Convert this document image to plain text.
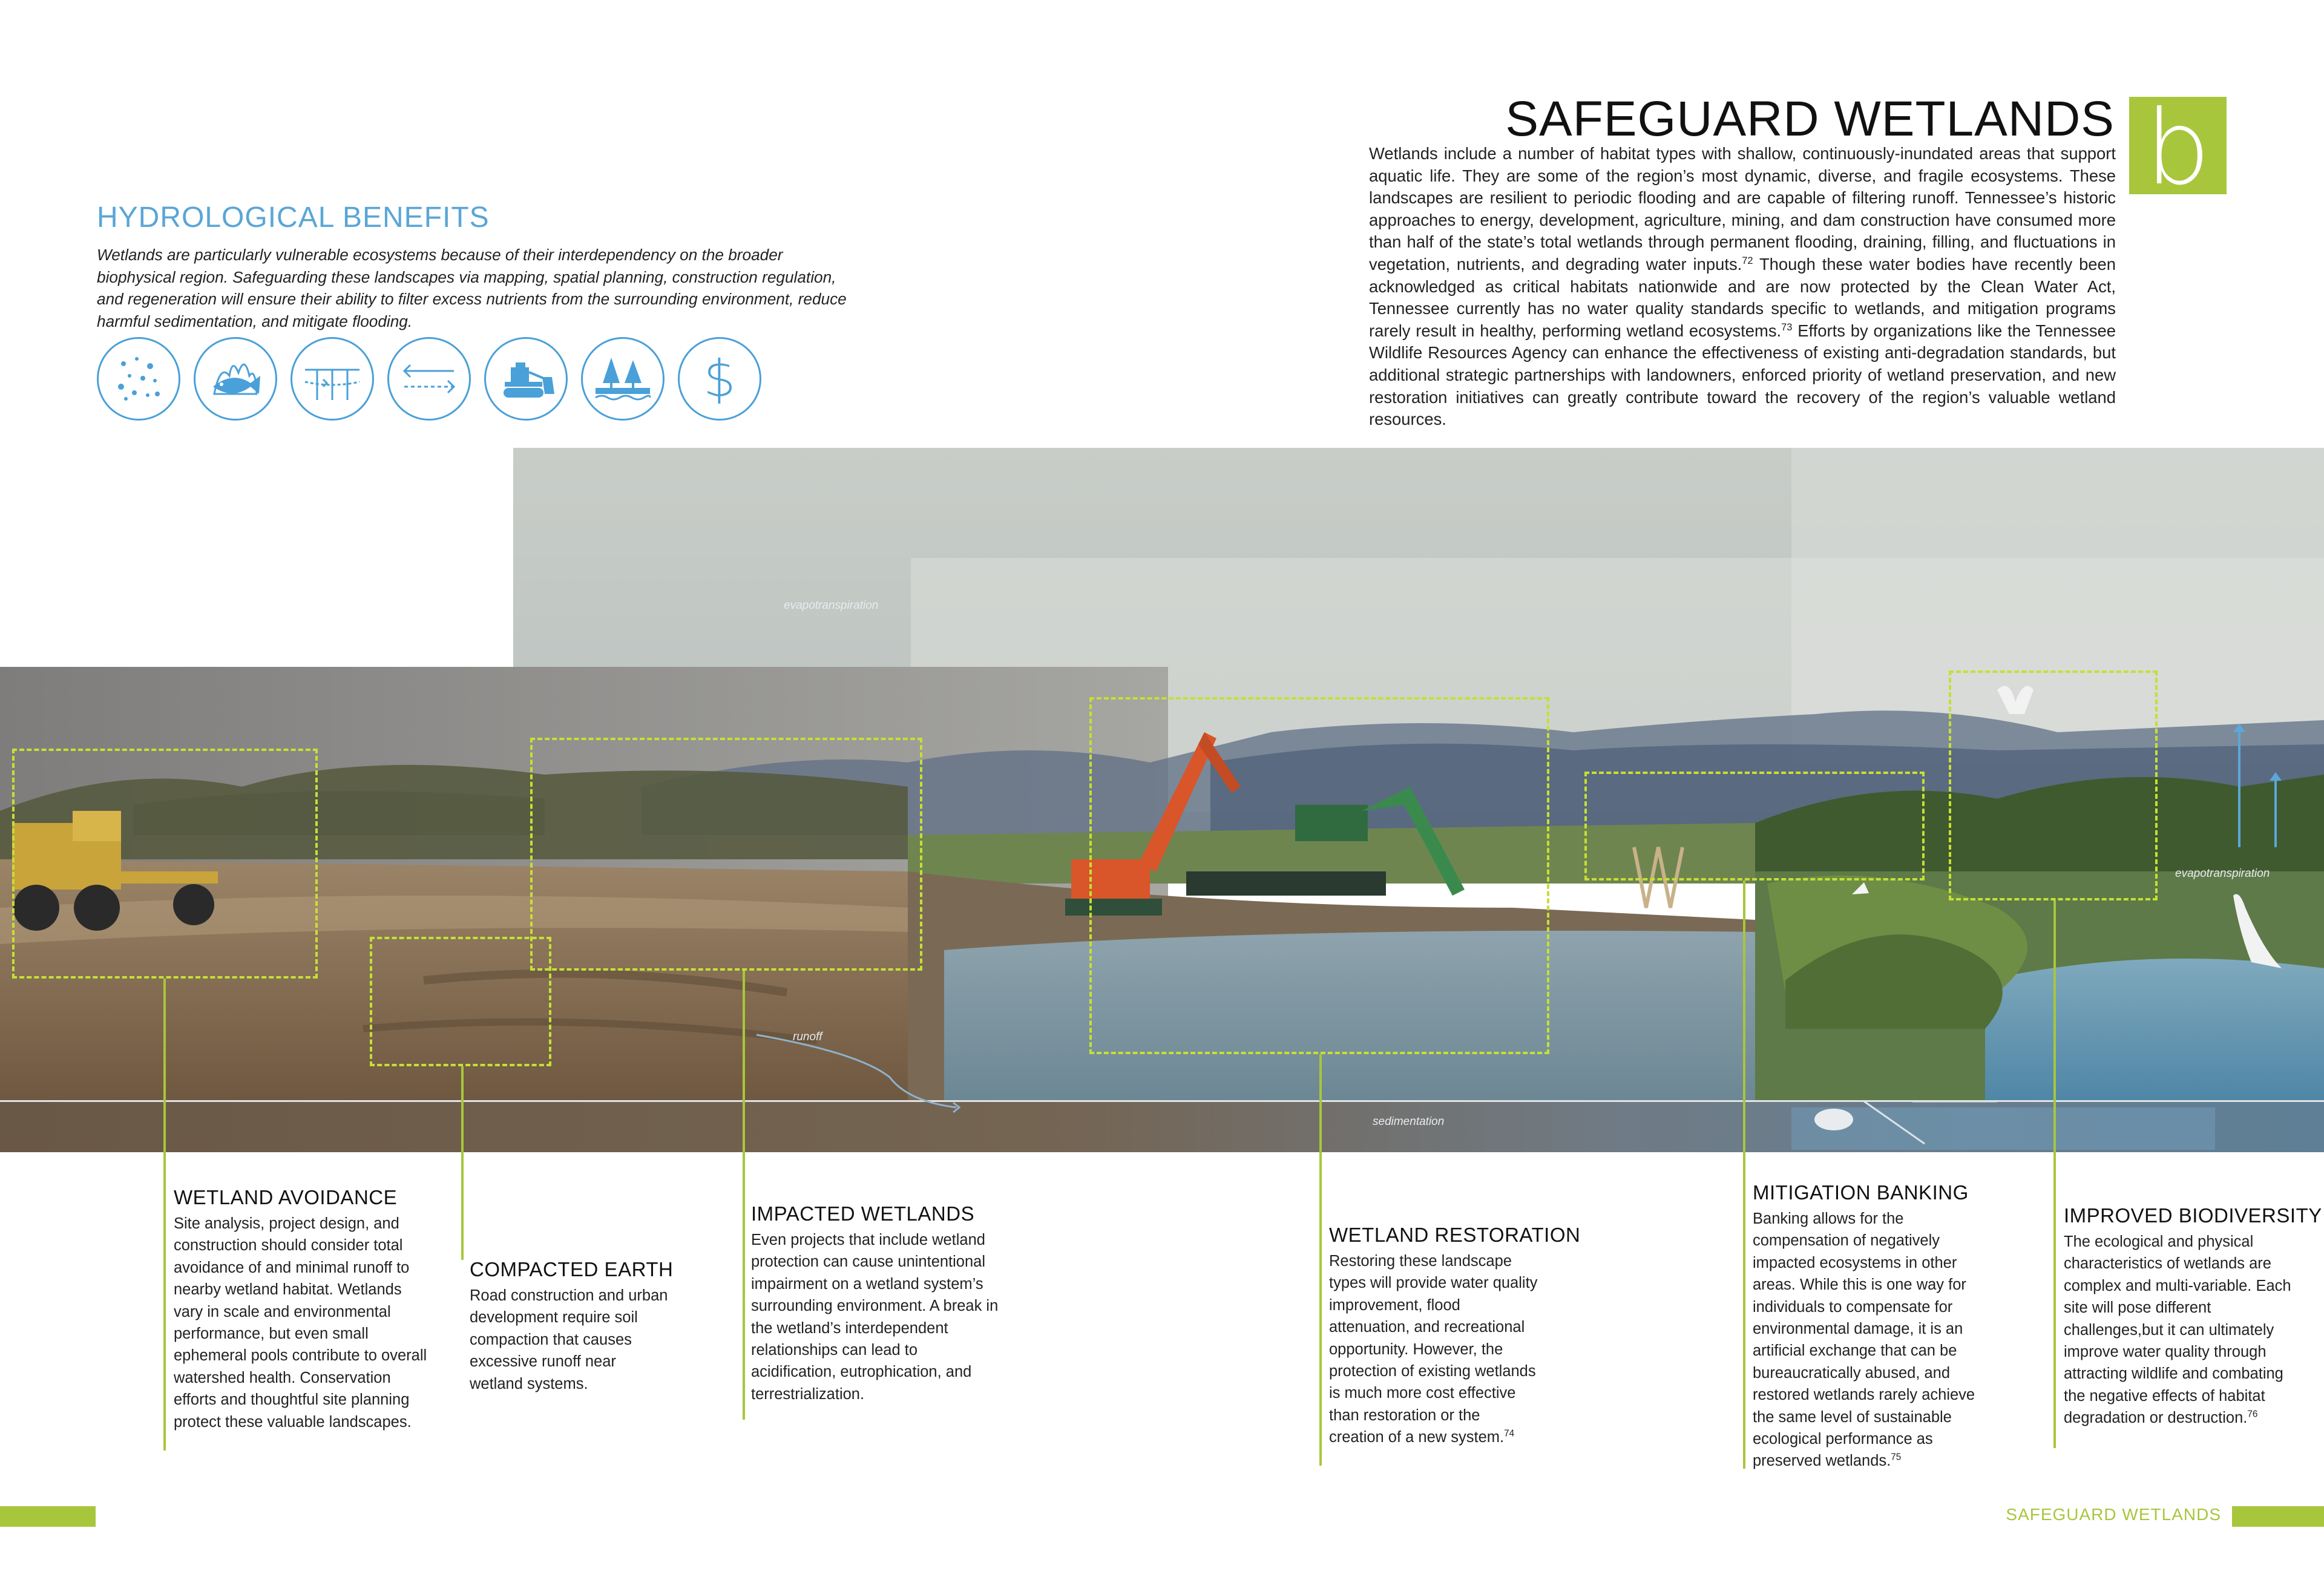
SAFEGUARD WETLANDS b
Wetlands include a number of habitat types with shallow, continuously-inundated areas that support aquatic life. They are some of the region’s most dynamic, diverse, and fragile ecosystems. These landscapes are resilient to periodic flooding and are capable of filtering runoff. Tennessee’s historic approaches to energy, development, agriculture, mining, and dam construction have consumed more than half of the state’s total wetlands through permanent flooding, draining, filling, and fluctuations in vegetation, nutrients, and degrading water inputs.$^{72}$ Though these water bodies have recently been acknowledged as critical habitats nationwide and are now protected by the Clean Water Act, Tennessee currently has no water quality standards specific to wetlands, and mitigation programs rarely result in healthy, performing wetland ecosystems.$^{73}$ Efforts by organizations like the Tennessee Wildlife Resources Agency can enhance the effectiveness of existing anti-degradation standards, but additional strategic partnerships with landowners, enforced priority of wetland preservation, and new restoration initiatives can greatly contribute toward the recovery of the region’s valuable wetland resources.
HYDROLOGICAL BENEFITS
Wetlands are particularly vulnerable ecosystems because of their interdependency on the broader biophysical region. Safeguarding these landscapes via mapping, spatial planning, construction regulation, and regeneration will ensure their ability to filter excess nutrients from the surrounding environment, reduce harmful sedimentation, and mitigate flooding.
$
evapotranspiration
evapotranspiration
runoff
sedimentation
WETLAND AVOIDANCE
Site analysis, project design, and construction should consider total avoidance of and minimal runoff to nearby wetland habitat. Wetlands vary in scale and environmental performance, but even small ephemeral pools contribute to overall watershed health. Conservation efforts and thoughtful site planning protect these valuable landscapes.
COMPACTED EARTH
Road construction and urban development require soil compaction that causes excessive runoff near wetland systems.
IMPACTED WETLANDS
Even projects that include wetland protection can cause unintentional impairment on a wetland system’s surrounding environment. A break in the wetland’s interdependent relationships can lead to acidification, eutrophication, and terrestrialization.
WETLAND RESTORATION
Restoring these landscape types will provide water quality improvement, flood attenuation, and recreational opportunity. However, the protection of existing wetlands is much more cost effective than restoration or the creation of a new system.$^{74}$
MITIGATION BANKING
Banking allows for the compensation of negatively impacted ecosystems in other areas. While this is one way for individuals to compensate for environmental damage, it is an artificial exchange that can be bureaucratically abused, and restored wetlands rarely achieve the same level of sustainable ecological performance as preserved wetlands.$^{75}$
IMPROVED BIODIVERSITY
The ecological and physical characteristics of wetlands are complex and multi-variable. Each site will pose different challenges,but it can ultimately improve water quality through attracting wildlife and combating the negative effects of habitat degradation or destruction.$^{76}$
SAFEGUARD WETLANDS
